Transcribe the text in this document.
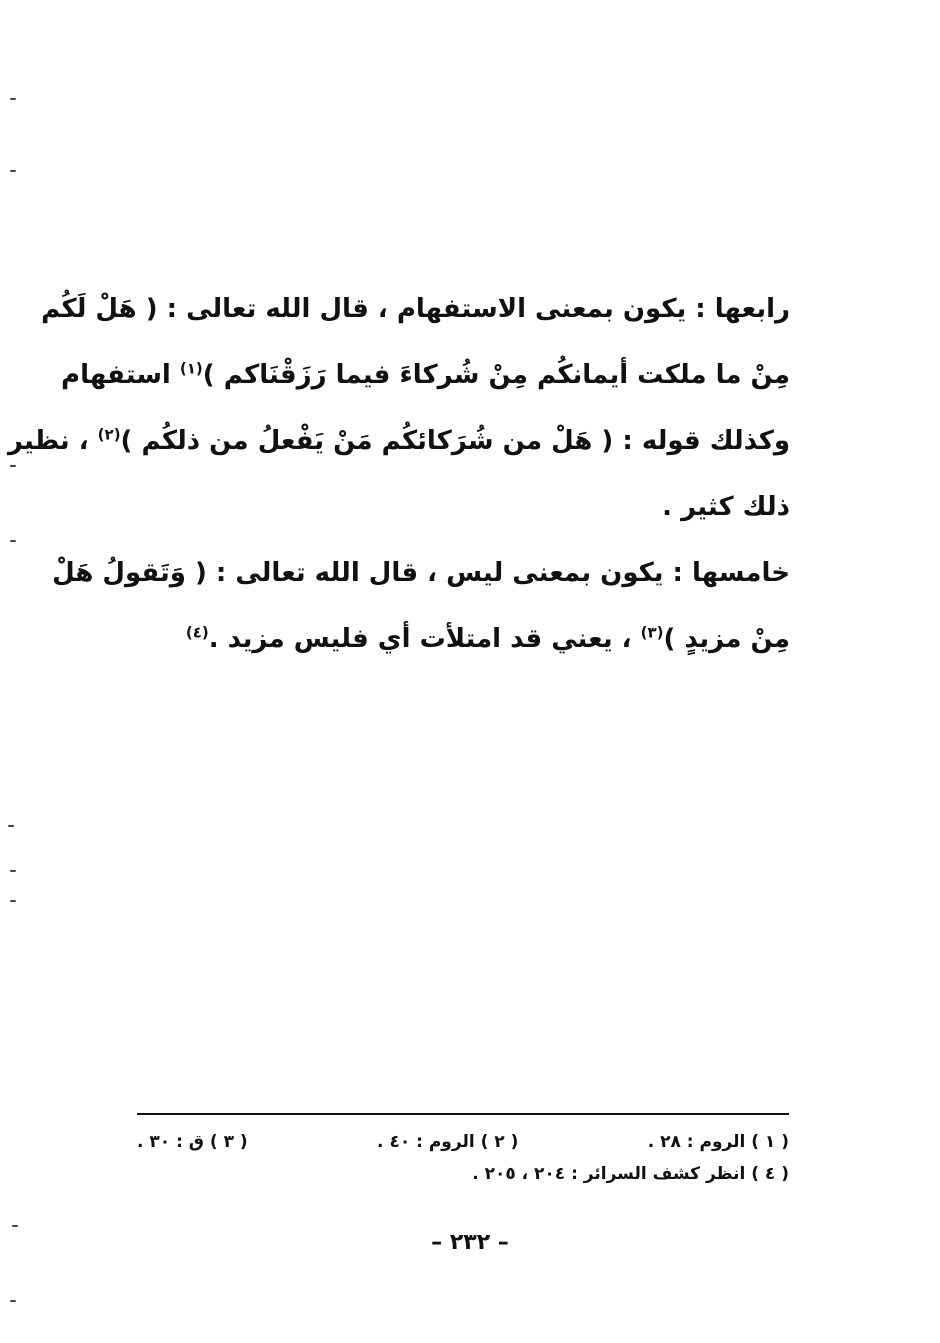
رابعها : يكون بمعنى الاستفهام ، قال الله تعالى : ( هَلْ لَكُم
مِنْ ما ملكت أيمانكُم مِنْ شُركاءَ فيما رَزَقْنَاكم )$^{(١)}$ استفهام
وكذلك قوله : ( هَلْ من شُرَكائكُم مَنْ يَفْعلُ من ذلكُم )$^{(٢)}$ ، نظير
ذلك كثير .
خامسها : يكون بمعنى ليس ، قال الله تعالى : ( وَتَقولُ هَلْ
مِنْ مزيدٍ )$^{(٣)}$ ، يعني قد امتلأت أي فليس مزيد .$^{(٤)}$
( ١ ) الروم : ٢٨ .
( ٢ ) الروم : ٤٠ .
( ٣ ) ق : ٣٠ .
( ٤ ) انظر كشف السرائر : ٢٠٤ ، ٢٠٥ .
– ٢٣٢ –
